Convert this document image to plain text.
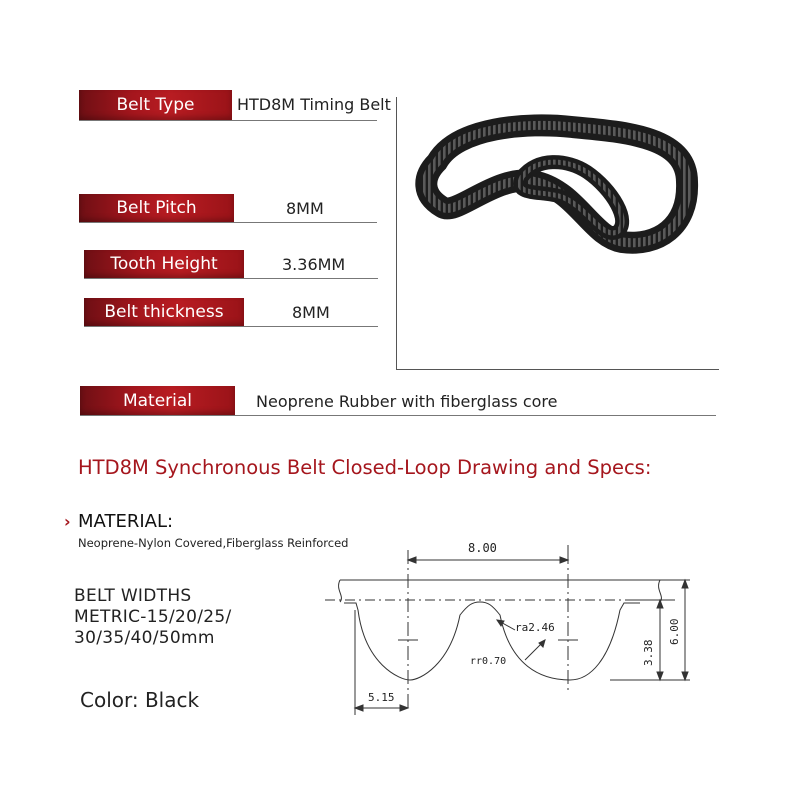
Belt Type	HTD8M Timing Belt
Belt Pitch	8MM
Tooth Height	3.36MM
Belt thickness	8MM
Material	Neoprene Rubber with fiberglass core
HTD8M Synchronous Belt Closed-Loop Drawing and Specs:
› MATERIAL:
Neoprene-Nylon Covered,Fiberglass Reinforced
BELT WIDTHS
METRIC-15/20/25/
30/35/40/50mm
Color: Black
8.00
ra2.46
rr0.70
5.15
3.38
6.00
